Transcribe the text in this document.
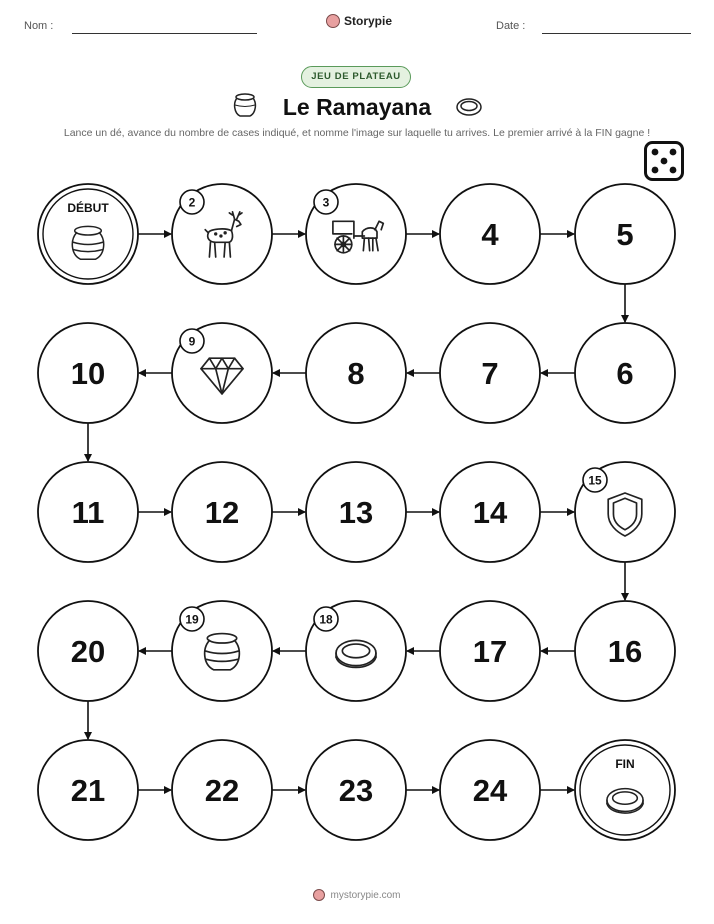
Nom :	Storypie	Date :
JEU DE PLATEAU
Le Ramayana
Lance un dé, avance du nombre de cases indiqué, et nomme l'image sur laquelle tu arrives. Le premier arrivé à la FIN gagne !
DÉBUT	2	3
4	5
6
7
8
9
10
11	12	13	14
15
16
17
18
19
20
21	22	23	24
FIN
mystorypie.com
